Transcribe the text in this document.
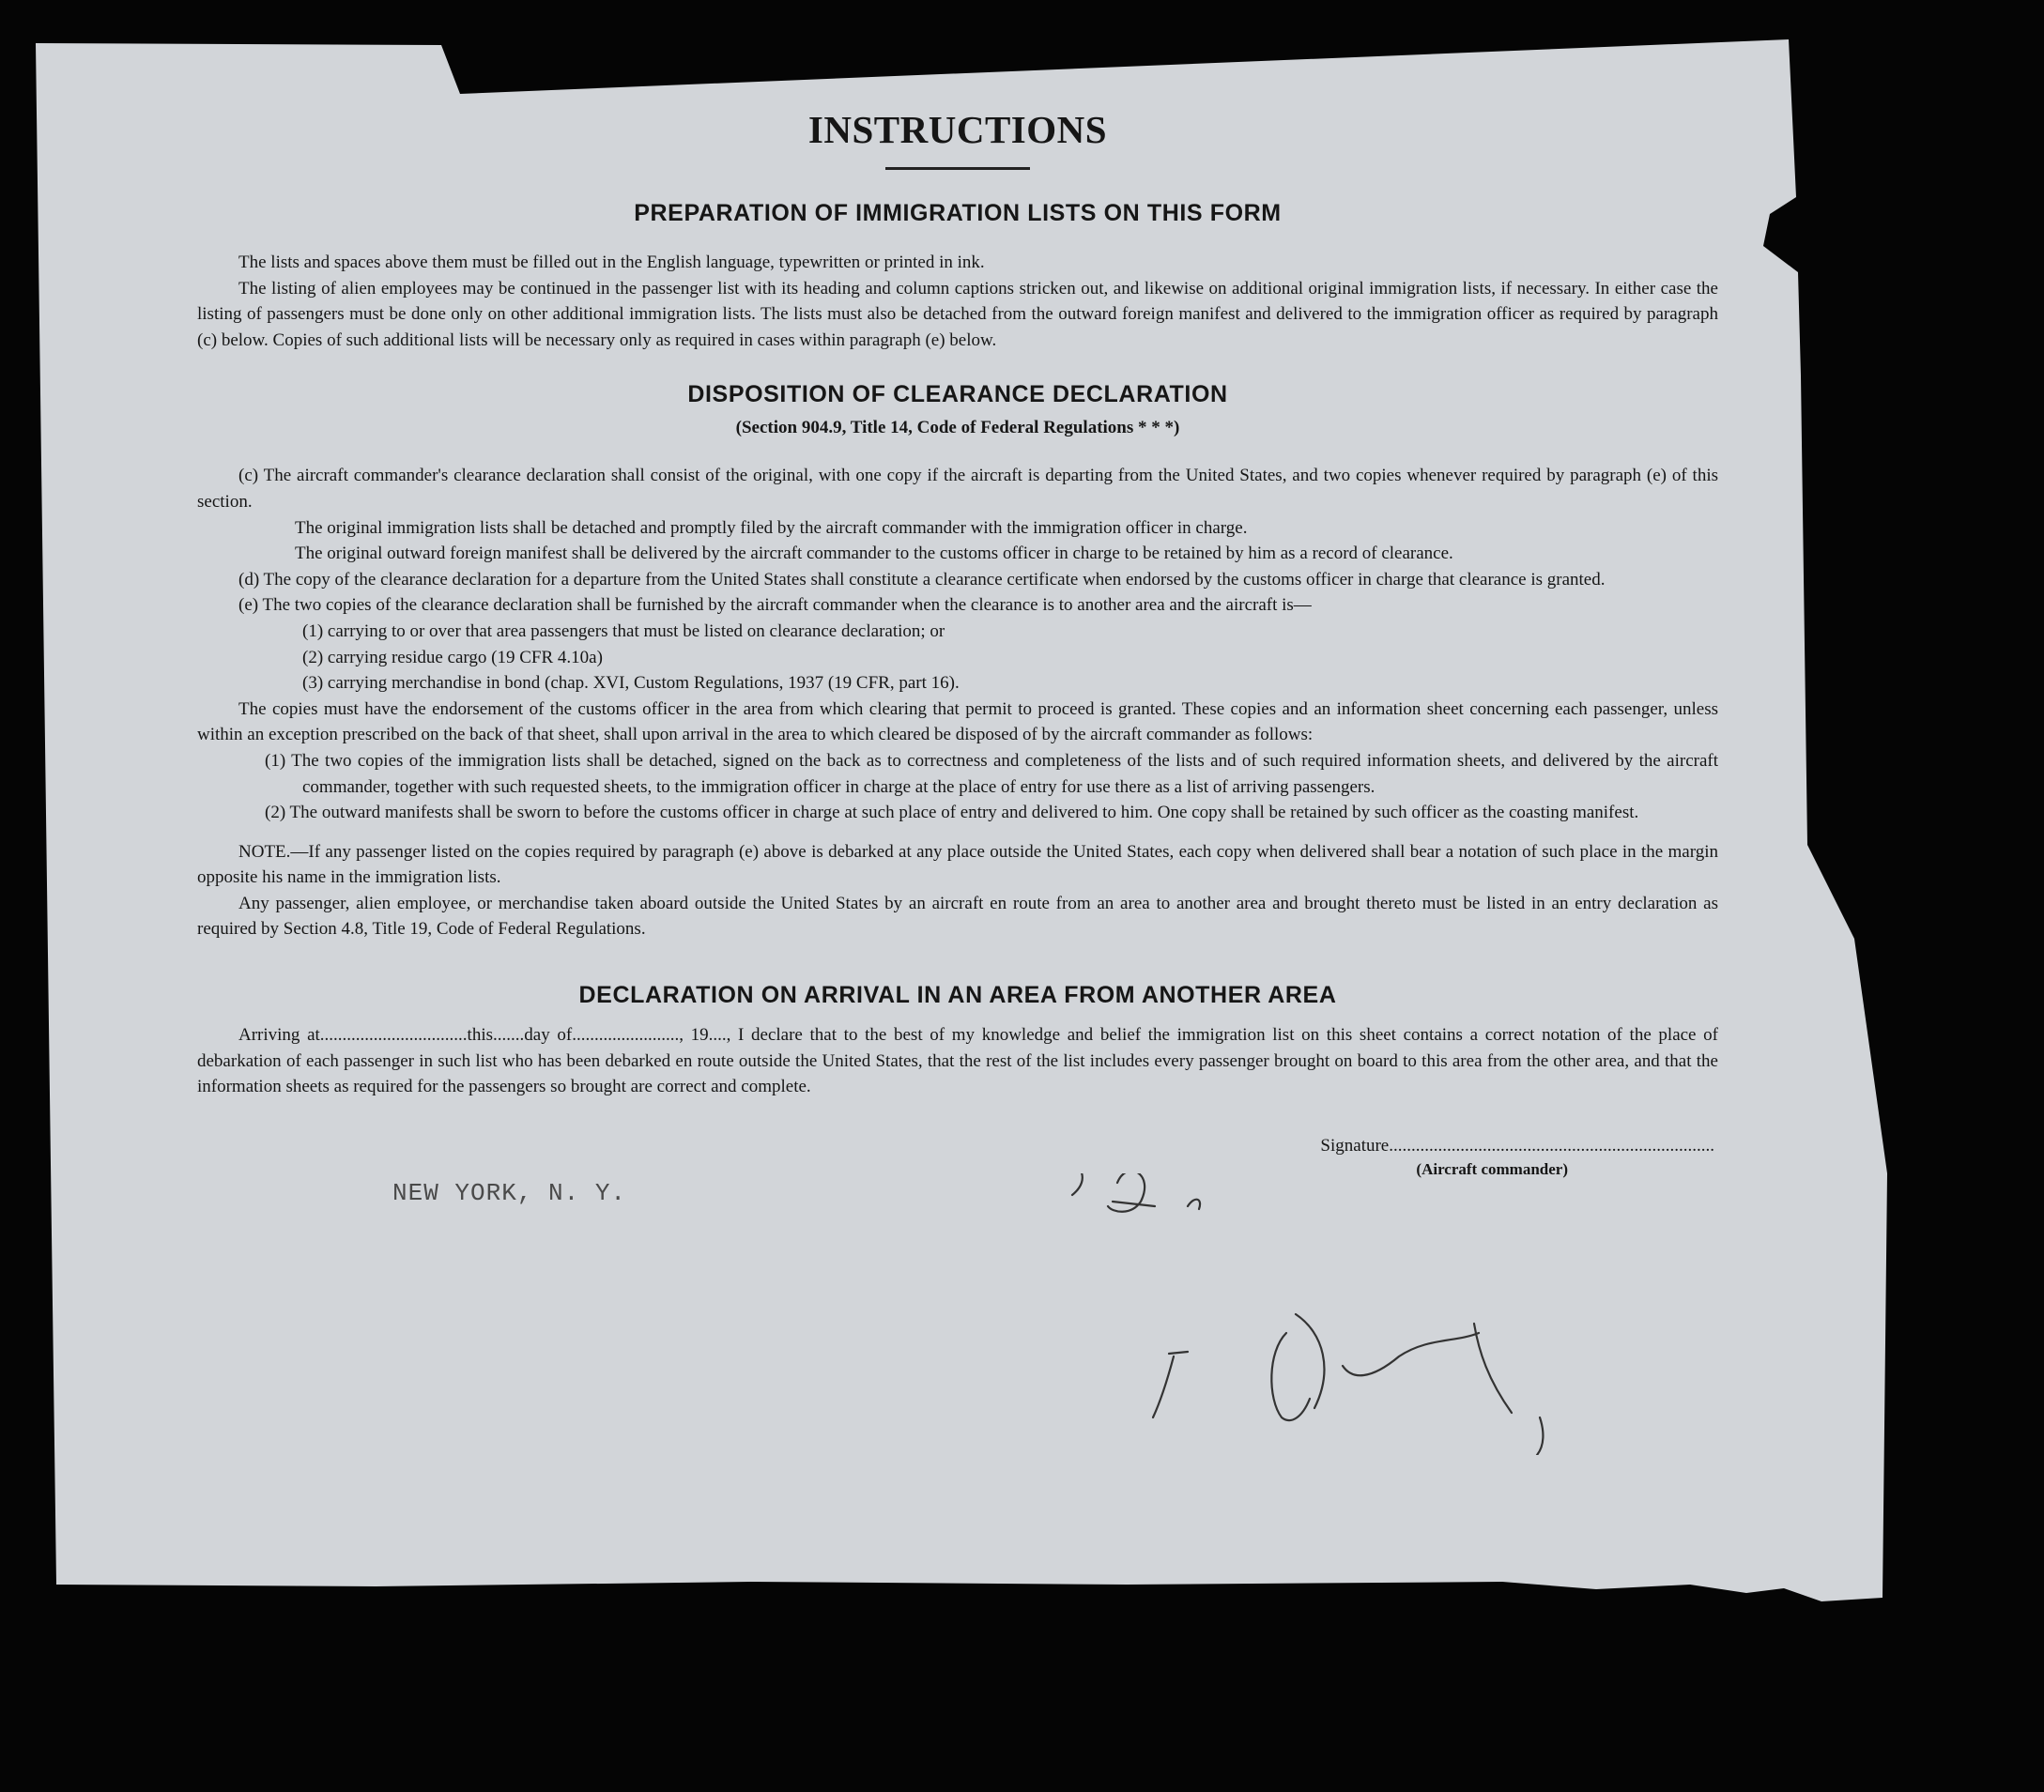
INSTRUCTIONS
PREPARATION OF IMMIGRATION LISTS ON THIS FORM

The lists and spaces above them must be filled out in the English language, typewritten or printed in ink.

The listing of alien employees may be continued in the passenger list with its heading and column captions stricken out, and likewise on additional original immigration lists, if necessary. In either case the listing of passengers must be done only on other additional immigration lists. The lists must also be detached from the outward foreign manifest and delivered to the immigration officer as required by paragraph (c) below. Copies of such additional lists will be necessary only as required in cases within paragraph (e) below.

DISPOSITION OF CLEARANCE DECLARATION
(Section 904.9, Title 14, Code of Federal Regulations * * *)

(c) The aircraft commander's clearance declaration shall consist of the original, with one copy if the aircraft is departing from the United States, and two copies whenever required by paragraph (e) of this section.

The original immigration lists shall be detached and promptly filed by the aircraft commander with the immigration officer in charge.

The original outward foreign manifest shall be delivered by the aircraft commander to the customs officer in charge to be retained by him as a record of clearance.

(d) The copy of the clearance declaration for a departure from the United States shall constitute a clearance certificate when endorsed by the customs officer in charge that clearance is granted.

(e) The two copies of the clearance declaration shall be furnished by the aircraft commander when the clearance is to another area and the aircraft is—

(1) carrying to or over that area passengers that must be listed on clearance declaration; or

(2) carrying residue cargo (19 CFR 4.10a)

(3) carrying merchandise in bond (chap. XVI, Custom Regulations, 1937 (19 CFR, part 16).

The copies must have the endorsement of the customs officer in the area from which clearing that permit to proceed is granted. These copies and an information sheet concerning each passenger, unless within an exception prescribed on the back of that sheet, shall upon arrival in the area to which cleared be disposed of by the aircraft commander as follows:

(1) The two copies of the immigration lists shall be detached, signed on the back as to correctness and completeness of the lists and of such required information sheets, and delivered by the aircraft commander, together with such requested sheets, to the immigration officer in charge at the place of entry for use there as a list of arriving passengers.

(2) The outward manifests shall be sworn to before the customs officer in charge at such place of entry and delivered to him. One copy shall be retained by such officer as the coasting manifest.

NOTE.—If any passenger listed on the copies required by paragraph (e) above is debarked at any place outside the United States, each copy when delivered shall bear a notation of such place in the margin opposite his name in the immigration lists.

Any passenger, alien employee, or merchandise taken aboard outside the United States by an aircraft en route from an area to another area and brought thereto must be listed in an entry declaration as required by Section 4.8, Title 19, Code of Federal Regulations.

DECLARATION ON ARRIVAL IN AN AREA FROM ANOTHER AREA

Arriving at.................................this.......day of........................, 19...., I declare that to the best of my knowledge and belief the immigration list on this sheet contains a correct notation of the place of debarkation of each passenger in such list who has been debarked en route outside the United States, that the rest of the list includes every passenger brought on board to this area from the other area, and that the information sheets as required for the passengers so brought are correct and complete.

Signature.........................................................................
(Aircraft commander)
NEW YORK, N. Y.
